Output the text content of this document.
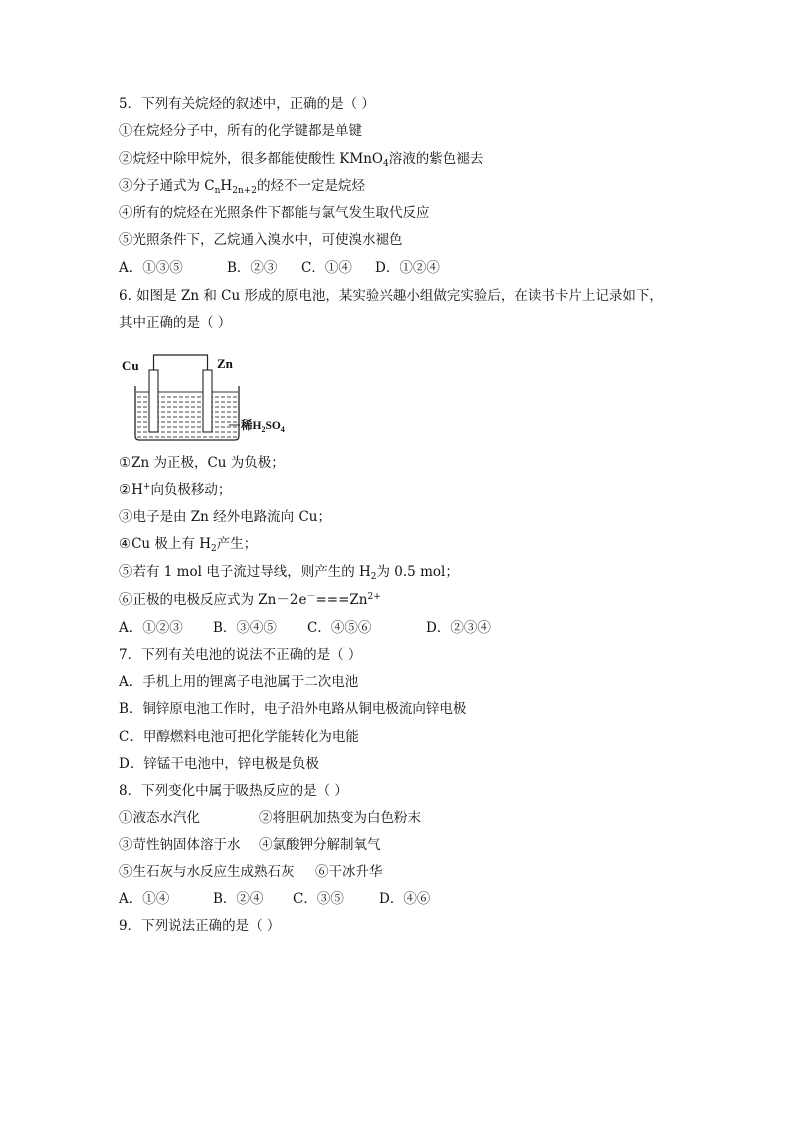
5．下列有关烷烃的叙述中，正确的是（ ）
①在烷烃分子中，所有的化学键都是单键
②烷烃中除甲烷外，很多都能使酸性 KMnO$_4$溶液的紫色褪去
③分子通式为 $C_nH_{2n+2}$的烃不一定是烷烃
④所有的烷烃在光照条件下都能与氯气发生取代反应
⑤光照条件下，乙烷通入溴水中，可使溴水褪色
A．①③⑤	B．②③ C．①④ D．①②④
6. 如图是 Zn 和 Cu 形成的原电池，某实验兴趣小组做完实验后，在读书卡片上记录如下，
其中正确的是（ ）
Cu	Zn
稀$H_2SO_4$
①Zn 为正极，Cu 为负极；
②H+向负极移动；
③电子是由 Zn 经外电路流向 Cu；
④Cu 极上有 $H_2$产生；
⑤若有 1 mol 电子流过导线，则产生的 $H_2$为 0.5 mol；
⑥正极的电极反应式为 $Zn-2e^-===Zn^{2+}$
A．①②③ B．③④⑤ C．④⑤⑥	D．②③④
7．下列有关电池的说法不正确的是（ ）
A．手机上用的锂离子电池属于二次电池
B．铜锌原电池工作时，电子沿外电路从铜电极流向锌电极
C．甲醇燃料电池可把化学能转化为电能
D．锌锰干电池中，锌电极是负极
8．下列变化中属于吸热反应的是（ ）
①液态水汽化	②将胆矾加热变为白色粉末
③苛性钠固体溶于水 ④氯酸钾分解制氧气
⑤生石灰与水反应生成熟石灰 ⑥干冰升华
A．①④	B．②④ C．③⑤	D．④⑥
9．下列说法正确的是（ ）
